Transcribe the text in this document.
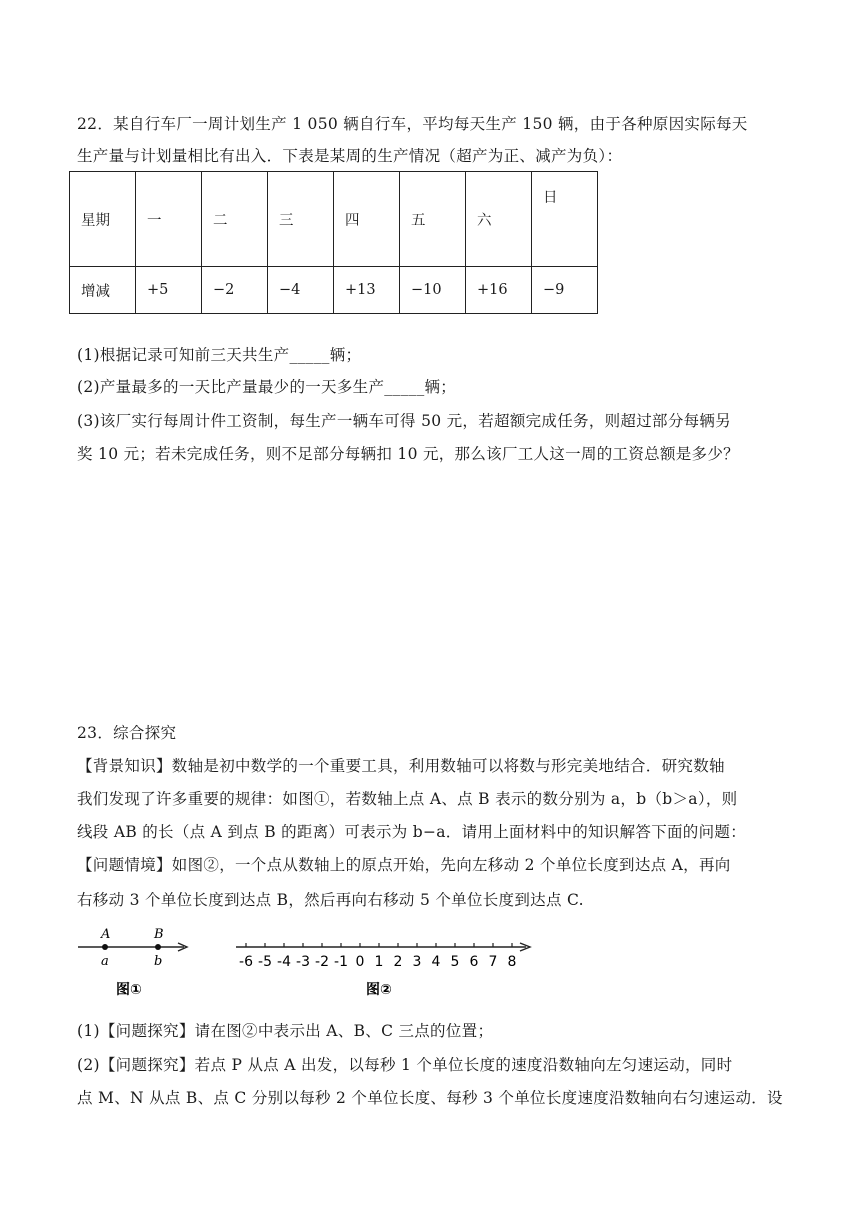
22．某自行车厂一周计划生产 1 050 辆自行车，平均每天生产 150 辆，由于各种原因实际每天
生产量与计划量相比有出入．下表是某周的生产情况（超产为正、减产为负）：
星期	一	二	三	四	五	六	日
增减	+5	−2	−4	+13	−10	+16	−9
(1)根据记录可知前三天共生产_____辆；
(2)产量最多的一天比产量最少的一天多生产_____辆；
(3)该厂实行每周计件工资制，每生产一辆车可得 50 元，若超额完成任务，则超过部分每辆另
奖 10 元；若未完成任务，则不足部分每辆扣 10 元，那么该厂工人这一周的工资总额是多少？
23．综合探究
【背景知识】数轴是初中数学的一个重要工具，利用数轴可以将数与形完美地结合．研究数轴
我们发现了许多重要的规律：如图①，若数轴上点 A、点 B 表示的数分别为 a，b（b＞a），则
线段 AB 的长（点 A 到点 B 的距离）可表示为 b−a．请用上面材料中的知识解答下面的问题：
【问题情境】如图②，一个点从数轴上的原点开始，先向左移动 2 个单位长度到达点 A，再向
右移动 3 个单位长度到达点 B，然后再向右移动 5 个单位长度到达点 C.
A	B
a	b
图①
-6 -5 -4 -3 -2 -1 0 1 2 3 4 5 6 7 8
图②
(1)【问题探究】请在图②中表示出 A、B、C 三点的位置；
(2)【问题探究】若点 P 从点 A 出发，以每秒 1 个单位长度的速度沿数轴向左匀速运动，同时
点 M、N 从点 B、点 C 分别以每秒 2 个单位长度、每秒 3 个单位长度速度沿数轴向右匀速运动．设
